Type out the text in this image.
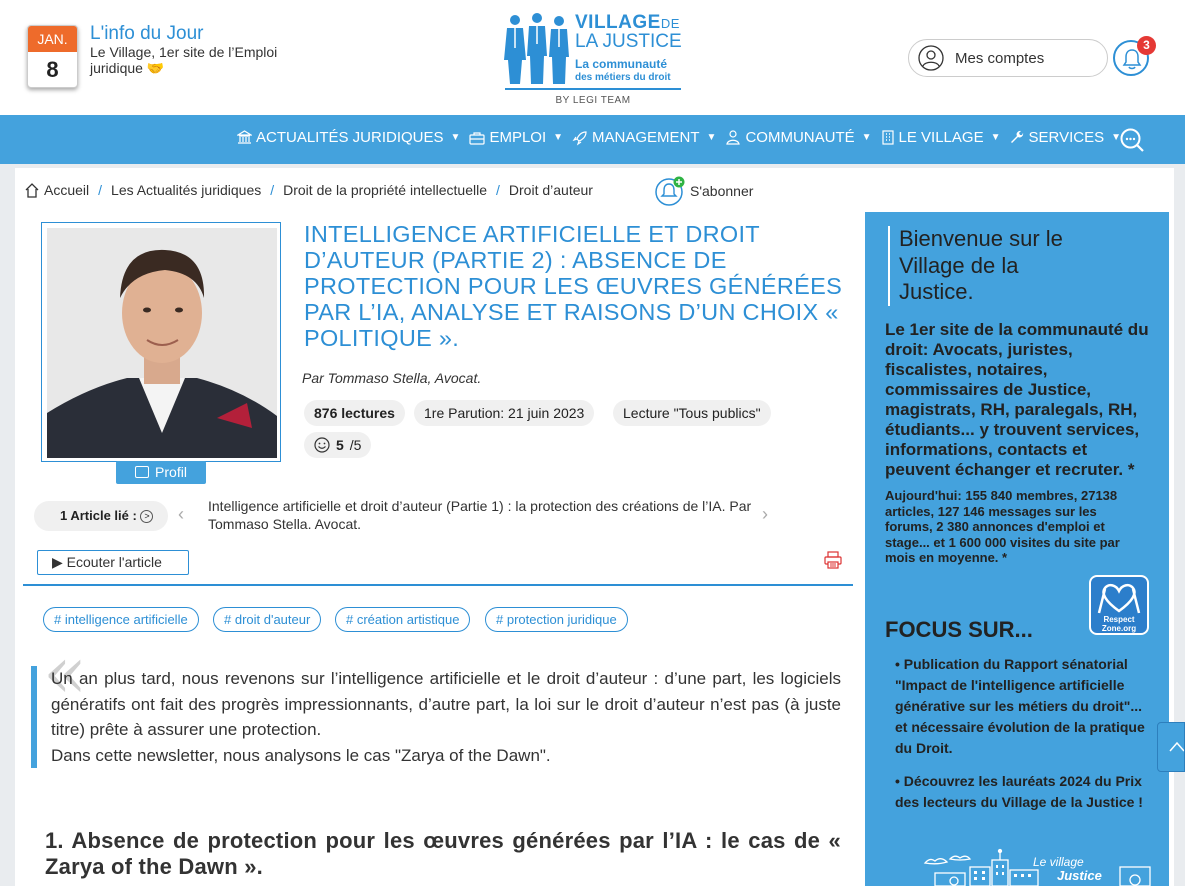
JAN.
8
L'info du Jour
Le Village, 1er site de l’Emploi juridique 🤝
VILLAGEDE
LA JUSTICE
La communauté
des métiers du droit
BY LEGI TEAM
Mes comptes
3
ACTUALITÉS JURIDIQUES ▼ EMPLOI ▼ MANAGEMENT ▼ COMMUNAUTÉ ▼ LE VILLAGE ▼ SERVICES ▼
Accueil / Les Actualités juridiques / Droit de la propriété intellectuelle / Droit d’auteur	S'abonner
Profil
INTELLIGENCE ARTIFICIELLE ET DROIT D’AUTEUR (PARTIE 2) : ABSENCE DE PROTECTION POUR LES ŒUVRES GÉNÉRÉES PAR L’IA, ANALYSE ET RAISONS D’UN CHOIX « POLITIQUE ».
Par Tommaso Stella, Avocat.
876 lectures	1re Parution: 21 juin 2023	Lecture "Tous publics"
5 /5
1 Article lié : >	‹ Intelligence artificielle et droit d’auteur (Partie 1) : la protection des créations de l’IA. Par Tommaso Stella. Avocat.	›
▶ Ecouter l'article
# intelligence artificielle	# droit d'auteur	# création artistique	# protection juridique
«

Un an plus tard, nous revenons sur l’intelligence artificielle et le droit d’auteur : d’une part, les logiciels génératifs ont fait des progrès impressionnants, d’autre part, la loi sur le droit d’auteur n’est pas (à juste titre) prête à assurer une protection.

Dans cette newsletter, nous analysons le cas "Zarya of the Dawn".

1. Absence de protection pour les œuvres générées par l’IA : le cas de « Zarya of the Dawn ».
Bienvenue sur le Village de la Justice.
Le 1er site de la communauté du droit: Avocats, juristes, fiscalistes, notaires, commissaires de Justice, magistrats, RH, paralegals, RH, étudiants... y trouvent services, informations, contacts et peuvent échanger et recruter. *
Aujourd'hui: 155 840 membres, 27138 articles, 127 146 messages sur les forums, 2 380 annonces d'emploi et stage... et 1 600 000 visites du site par mois en moyenne. *
Respect Zone.org
FOCUS SUR...
• Publication du Rapport sénatorial "Impact de l'intelligence artificielle générative sur les métiers du droit"... et nécessaire évolution de la pratique du Droit.
• Découvrez les lauréats 2024 du Prix des lecteurs du Village de la Justice !
Le village
Justice
